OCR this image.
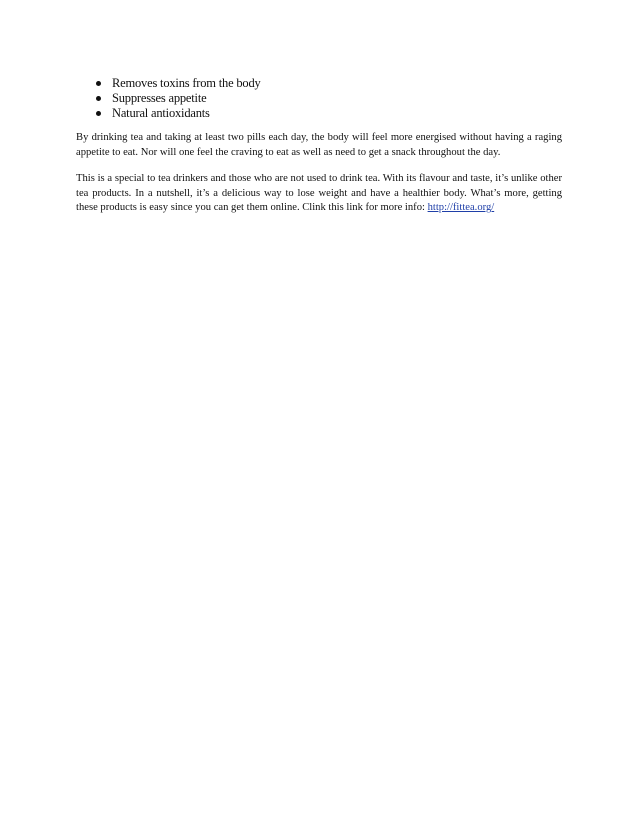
Removes toxins from the body
Suppresses appetite
Natural antioxidants

By drinking tea and taking at least two pills each day, the body will feel more energised without having a raging appetite to eat. Nor will one feel the craving to eat as well as need to get a snack throughout the day.

This is a special to tea drinkers and those who are not used to drink tea. With its flavour and taste, it’s unlike other tea products. In a nutshell, it’s a delicious way to lose weight and have a healthier body. What’s more, getting these products is easy since you can get them online. Clink this link for more info: http://fittea.org/
